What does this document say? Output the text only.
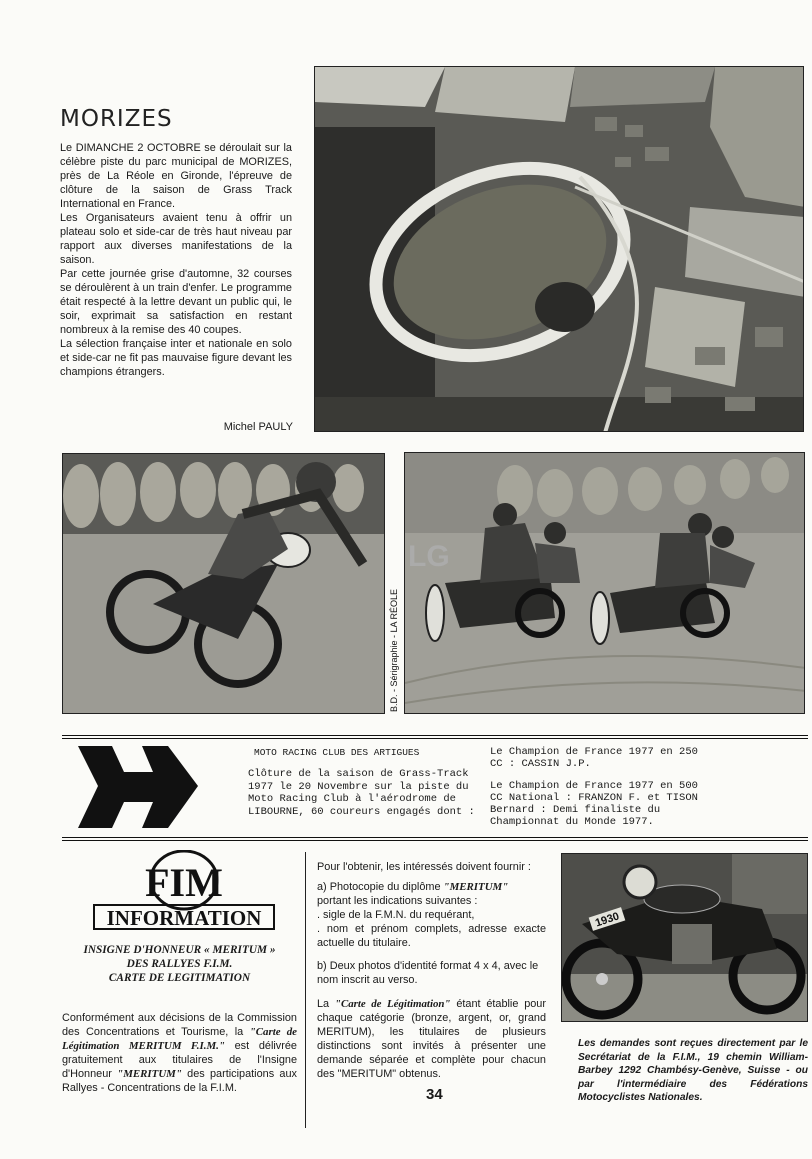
MORIZES

Le DIMANCHE 2 OCTOBRE se déroulait sur la célèbre piste du parc municipal de MORIZES, près de La Réole en Gironde, l'épreuve de clôture de la saison de Grass Track International en France.

Les Organisateurs avaient tenu à offrir un plateau solo et side-car de très haut niveau par rapport aux diverses manifestations de la saison.

Par cette journée grise d'automne, 32 courses se déroulèrent à un train d'enfer. Le programme était respecté à la lettre devant un public qui, le soir, exprimait sa satisfaction en restant nombreux à la remise des 40 coupes.

La sélection française inter et nationale en solo et side-car ne fit pas mauvaise figure devant les champions étrangers.

Michel PAULY
LG
B.D. - Sérigraphie - LA RÉOLE
MOTO RACING CLUB DES ARTIGUES
Clôture de la saison de Grass-Track 1977 le 20 Novembre sur la piste du Moto Racing Club à l'aérodrome de LIBOURNE, 60 coureurs engagés dont :
Le Champion de France 1977 en 250 CC : CASSIN J.P.
Le Champion de France 1977 en 500 CC National : FRANZON F. et TISON Bernard : Demi finaliste du Championnat du Monde 1977.
FIM
INFORMATION
INSIGNE D'HONNEUR « MERITUM »
DES RALLYES F.I.M.
CARTE DE LEGITIMATION
Conformément aux décisions de la Commission des Concentrations et Tourisme, la "Carte de Légitimation MERITUM F.I.M." est délivrée gratuitement aux titulaires de l'Insigne d'Honneur "MERITUM" des participations aux Rallyes - Concentrations de la F.I.M.

Pour l'obtenir, les intéressés doivent fournir :

a) Photocopie du diplôme "MERITUM"
portant les indications suivantes :

. sigle de la F.M.N. du requérant,

. nom et prénom complets, adresse exacte actuelle du titulaire.

b) Deux photos d'identité format 4 x 4, avec le nom inscrit au verso.

La "Carte de Légitimation" étant établie pour chaque catégorie (bronze, argent, or, grand MERITUM), les titulaires de plusieurs distinctions sont invités à présenter une demande séparée et complète pour chacun des "MERITUM" obtenus.

1930
Les demandes sont reçues directement par le Secrétariat de la F.I.M., 19 chemin William-Barbey 1292 Chambésy-Genève, Suisse - ou par l'intermédiaire des Fédérations Motocyclistes Nationales.
34
